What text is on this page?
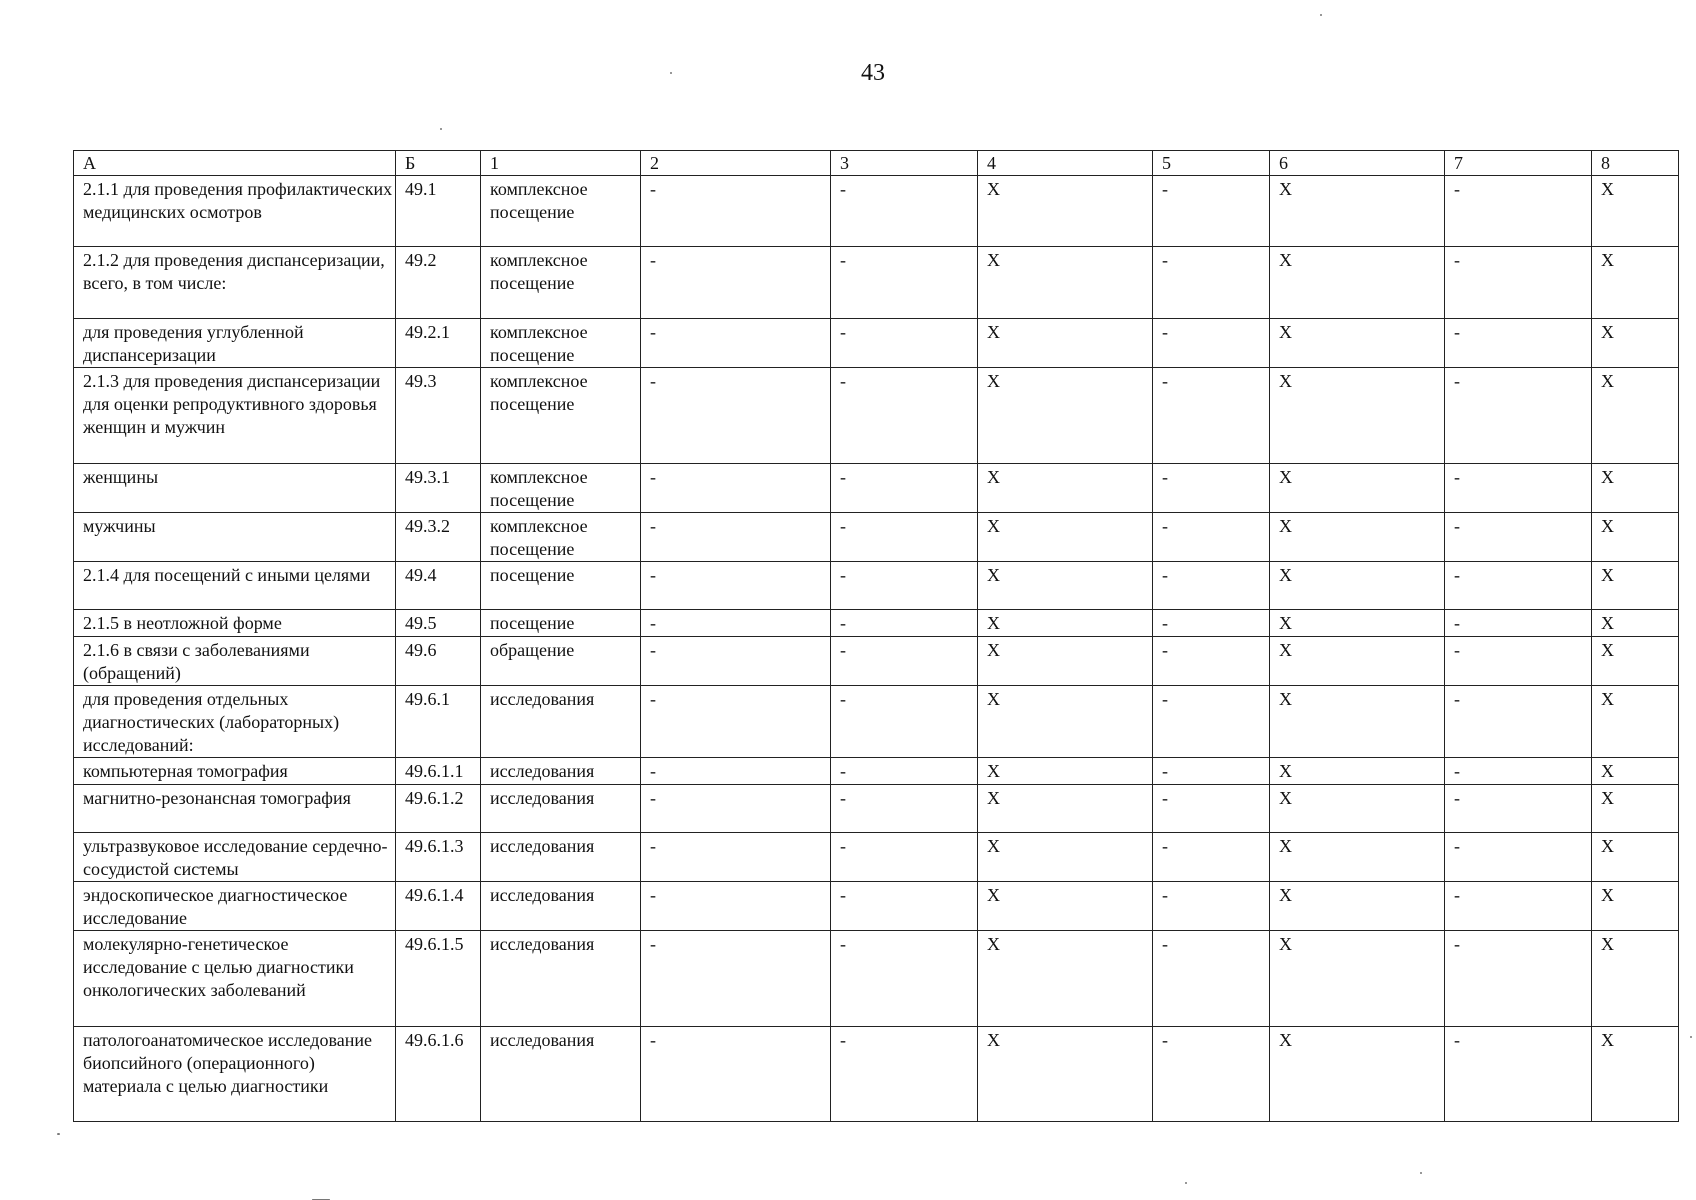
43
А	Б	1	2	3	4	5	6	7	8
2.1.1 для проведения профилактических медицинских осмотров	49.1	комплексное посещение	-	-	X	-	X	-	X
2.1.2 для проведения диспансеризации, всего, в том числе:	49.2	комплексное посещение	-	-	X	-	X	-	X
для проведения углубленной диспансеризации	49.2.1	комплексное посещение	-	-	X	-	X	-	X
2.1.3 для проведения диспансеризации для оценки репродуктивного здоровья женщин и мужчин	49.3	комплексное посещение	-	-	X	-	X	-	X
женщины	49.3.1	комплексное посещение	-	-	X	-	X	-	X
мужчины	49.3.2	комплексное посещение	-	-	X	-	X	-	X
2.1.4 для посещений с иными целями	49.4	посещение	-	-	X	-	X	-	X
2.1.5 в неотложной форме	49.5	посещение	-	-	X	-	X	-	X
2.1.6 в связи с заболеваниями (обращений)	49.6	обращение	-	-	X	-	X	-	X
для проведения отдельных диагностических (лабораторных) исследований:	49.6.1	исследования	-	-	X	-	X	-	X
компьютерная томография	49.6.1.1	исследования	-	-	X	-	X	-	X
магнитно-резонансная томография	49.6.1.2	исследования	-	-	X	-	X	-	X
ультразвуковое исследование сердечно-сосудистой системы	49.6.1.3	исследования	-	-	X	-	X	-	X
эндоскопическое диагностическое исследование	49.6.1.4	исследования	-	-	X	-	X	-	X
молекулярно-генетическое исследование с целью диагностики онкологических заболеваний	49.6.1.5	исследования	-	-	X	-	X	-	X
патологоанатомическое исследование биопсийного (операционного) материала с целью диагностики	49.6.1.6	исследования	-	-	X	-	X	-	X
